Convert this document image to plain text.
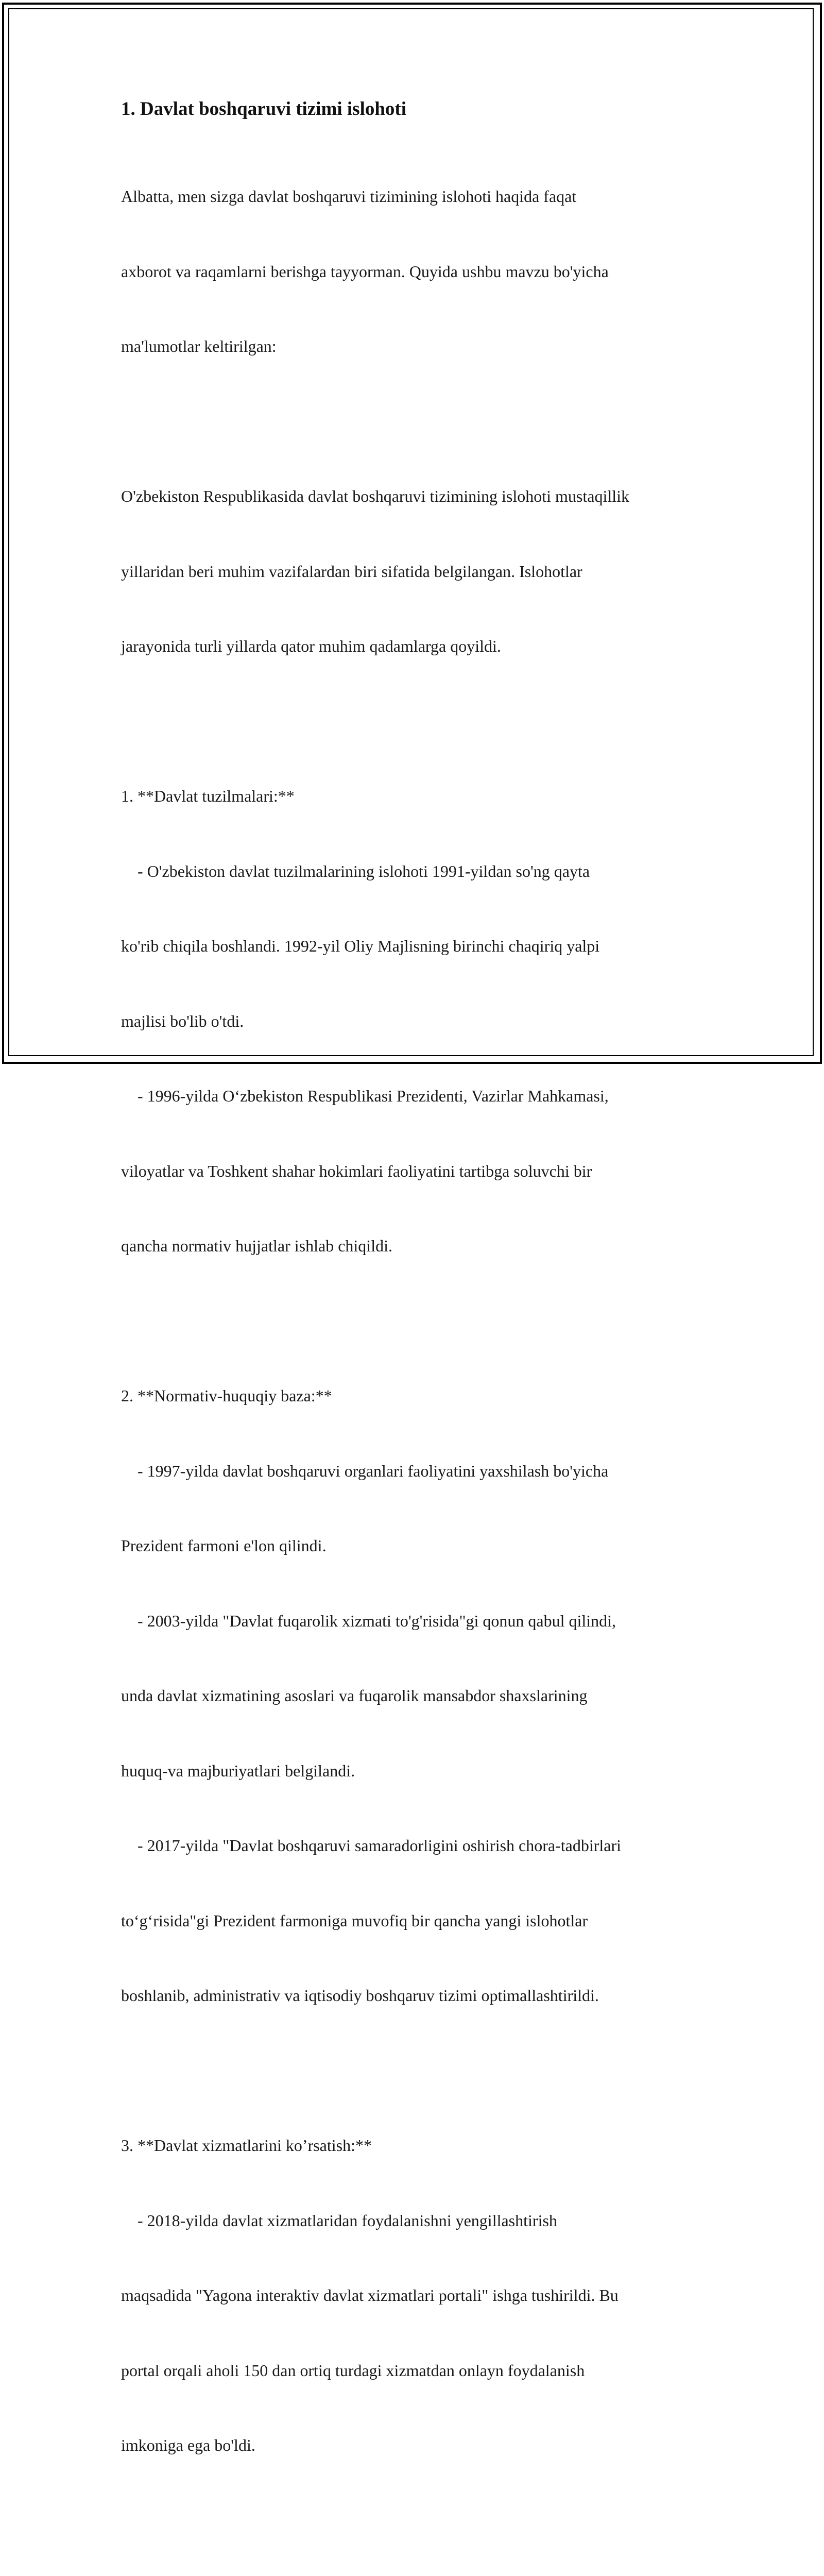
1. Davlat boshqaruvi tizimi islohoti

Albatta, men sizga davlat boshqaruvi tizimining islohoti haqida faqat

axborot va raqamlarni berishga tayyorman. Quyida ushbu mavzu bo'yicha

ma'lumotlar keltirilgan:

O'zbekiston Respublikasida davlat boshqaruvi tizimining islohoti mustaqillik

yillaridan beri muhim vazifalardan biri sifatida belgilangan. Islohotlar

jarayonida turli yillarda qator muhim qadamlarga qoyildi.

1. **Davlat tuzilmalari:**

- O'zbekiston davlat tuzilmalarining islohoti 1991-yildan so'ng qayta

ko'rib chiqila boshlandi. 1992-yil Oliy Majlisning birinchi chaqiriq yalpi

majlisi bo'lib o'tdi.

- 1996-yilda O‘zbekiston Respublikasi Prezidenti, Vazirlar Mahkamasi,

viloyatlar va Toshkent shahar hokimlari faoliyatini tartibga soluvchi bir

qancha normativ hujjatlar ishlab chiqildi.

2. **Normativ-huquqiy baza:**

- 1997-yilda davlat boshqaruvi organlari faoliyatini yaxshilash bo'yicha

Prezident farmoni e'lon qilindi.

- 2003-yilda "Davlat fuqarolik xizmati to'g'risida"gi qonun qabul qilindi,

unda davlat xizmatining asoslari va fuqarolik mansabdor shaxslarining

huquq-va majburiyatlari belgilandi.

- 2017-yilda "Davlat boshqaruvi samaradorligini oshirish chora-tadbirlari

to‘g‘risida"gi Prezident farmoniga muvofiq bir qancha yangi islohotlar

boshlanib, administrativ va iqtisodiy boshqaruv tizimi optimallashtirildi.

3. **Davlat xizmatlarini ko’rsatish:**

- 2018-yilda davlat xizmatlaridan foydalanishni yengillashtirish

maqsadida "Yagona interaktiv davlat xizmatlari portali" ishga tushirildi. Bu

portal orqali aholi 150 dan ortiq turdagi xizmatdan onlayn foydalanish

imkoniga ega bo'ldi.
